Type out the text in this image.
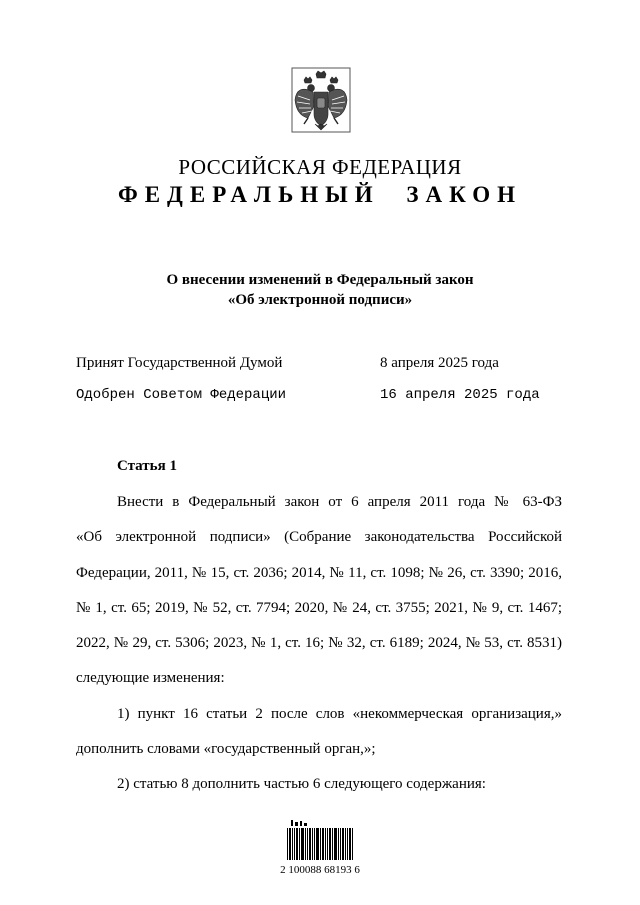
РОССИЙСКАЯ ФЕДЕРАЦИЯ
ФЕДЕРАЛЬНЫЙ ЗАКОН
О внесении изменений в Федеральный закон
«Об электронной подписи»
Принят Государственной Думой	8 апреля 2025 года
Одобрен Советом Федерации	16 апреля 2025 года
Статья 1
Внести в Федеральный закон от 6 апреля 2011 года № 63-ФЗ
«Об электронной подписи» (Собрание законодательства Российской
Федерации, 2011, № 15, ст. 2036; 2014, № 11, ст. 1098; № 26, ст. 3390; 2016,
№ 1, ст. 65; 2019, № 52, ст. 7794; 2020, № 24, ст. 3755; 2021, № 9, ст. 1467;
2022, № 29, ст. 5306; 2023, № 1, ст. 16; № 32, ст. 6189; 2024, № 53, ст. 8531)
следующие изменения:
1) пункт 16 статьи 2 после слов «некоммерческая организация,»
дополнить словами «государственный орган,»;
2) статью 8 дополнить частью 6 следующего содержания:
2 100088 68193 6
